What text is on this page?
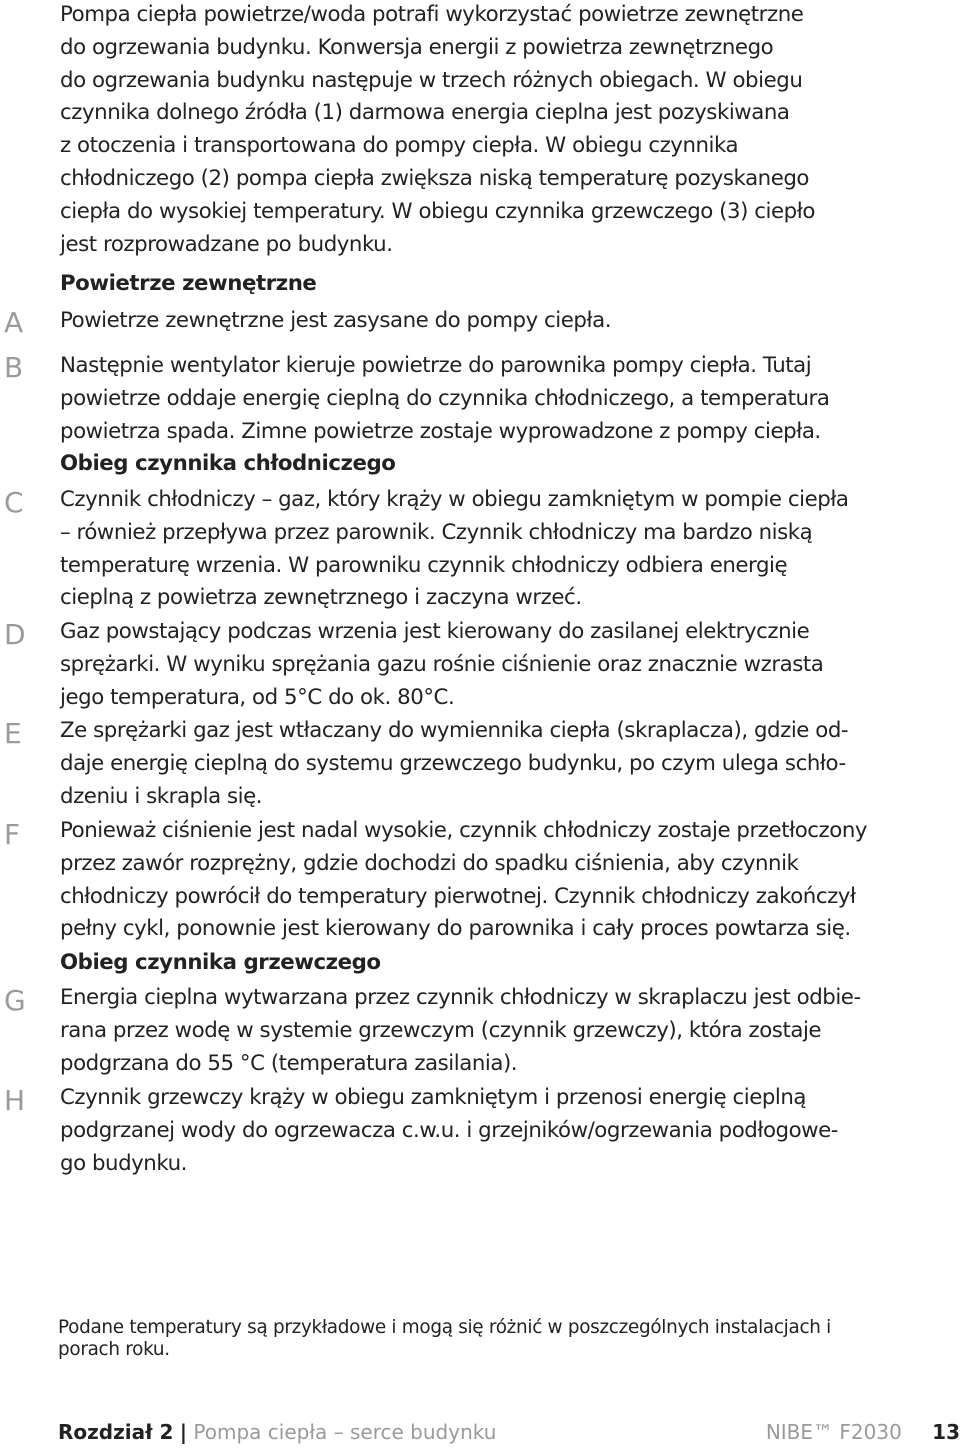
Pompa ciepła powietrze/woda potrafi wykorzystać powietrze zewnętrzne
do ogrzewania budynku. Konwersja energii z powietrza zewnętrznego
do ogrzewania budynku następuje w trzech różnych obiegach. W obiegu
czynnika dolnego źródła (1) darmowa energia cieplna jest pozyskiwana
z otoczenia i transportowana do pompy ciepła. W obiegu czynnika
chłodniczego (2) pompa ciepła zwiększa niską temperaturę pozyskanego
ciepła do wysokiej temperatury. W obiegu czynnika grzewczego (3) ciepło
jest rozprowadzane po budynku.

Powietrze zewnętrzne
A	Powietrze zewnętrzne jest zasysane do pompy ciepła.

B	Następnie wentylator kieruje powietrze do parownika pompy ciepła. Tutaj
powietrze oddaje energię cieplną do czynnika chłodniczego, a temperatura
powietrza spada. Zimne powietrze zostaje wyprowadzone z pompy ciepła.

Obieg czynnika chłodniczego
C	Czynnik chłodniczy – gaz, który krąży w obiegu zamkniętym w pompie ciepła
– również przepływa przez parownik. Czynnik chłodniczy ma bardzo niską
temperaturę wrzenia. W parowniku czynnik chłodniczy odbiera energię
cieplną z powietrza zewnętrznego i zaczyna wrzeć.

D	Gaz powstający podczas wrzenia jest kierowany do zasilanej elektrycznie
sprężarki. W wyniku sprężania gazu rośnie ciśnienie oraz znacznie wzrasta
jego temperatura, od 5°C do ok. 80°C.

E	Ze sprężarki gaz jest wtłaczany do wymiennika ciepła (skraplacza), gdzie od-
daje energię cieplną do systemu grzewczego budynku, po czym ulega schło-
dzeniu i skrapla się.

F	Ponieważ ciśnienie jest nadal wysokie, czynnik chłodniczy zostaje przetłoczony
przez zawór rozprężny, gdzie dochodzi do spadku ciśnienia, aby czynnik
chłodniczy powrócił do temperatury pierwotnej. Czynnik chłodniczy zakończył
pełny cykl, ponownie jest kierowany do parownika i cały proces powtarza się.

Obieg czynnika grzewczego
G	Energia cieplna wytwarzana przez czynnik chłodniczy w skraplaczu jest odbie-
rana przez wodę w systemie grzewczym (czynnik grzewczy), która zostaje
podgrzana do 55 °C (temperatura zasilania).

H	Czynnik grzewczy krąży w obiegu zamkniętym i przenosi energię cieplną
podgrzanej wody do ogrzewacza c.w.u. i grzejników/ogrzewania podłogowe-
go budynku.

Podane temperatury są przykładowe i mogą się różnić w poszczególnych instalacjach i
porach roku.

Rozdział 2 | Pompa ciepła – serce budynku	NIBE™ F2030 13
